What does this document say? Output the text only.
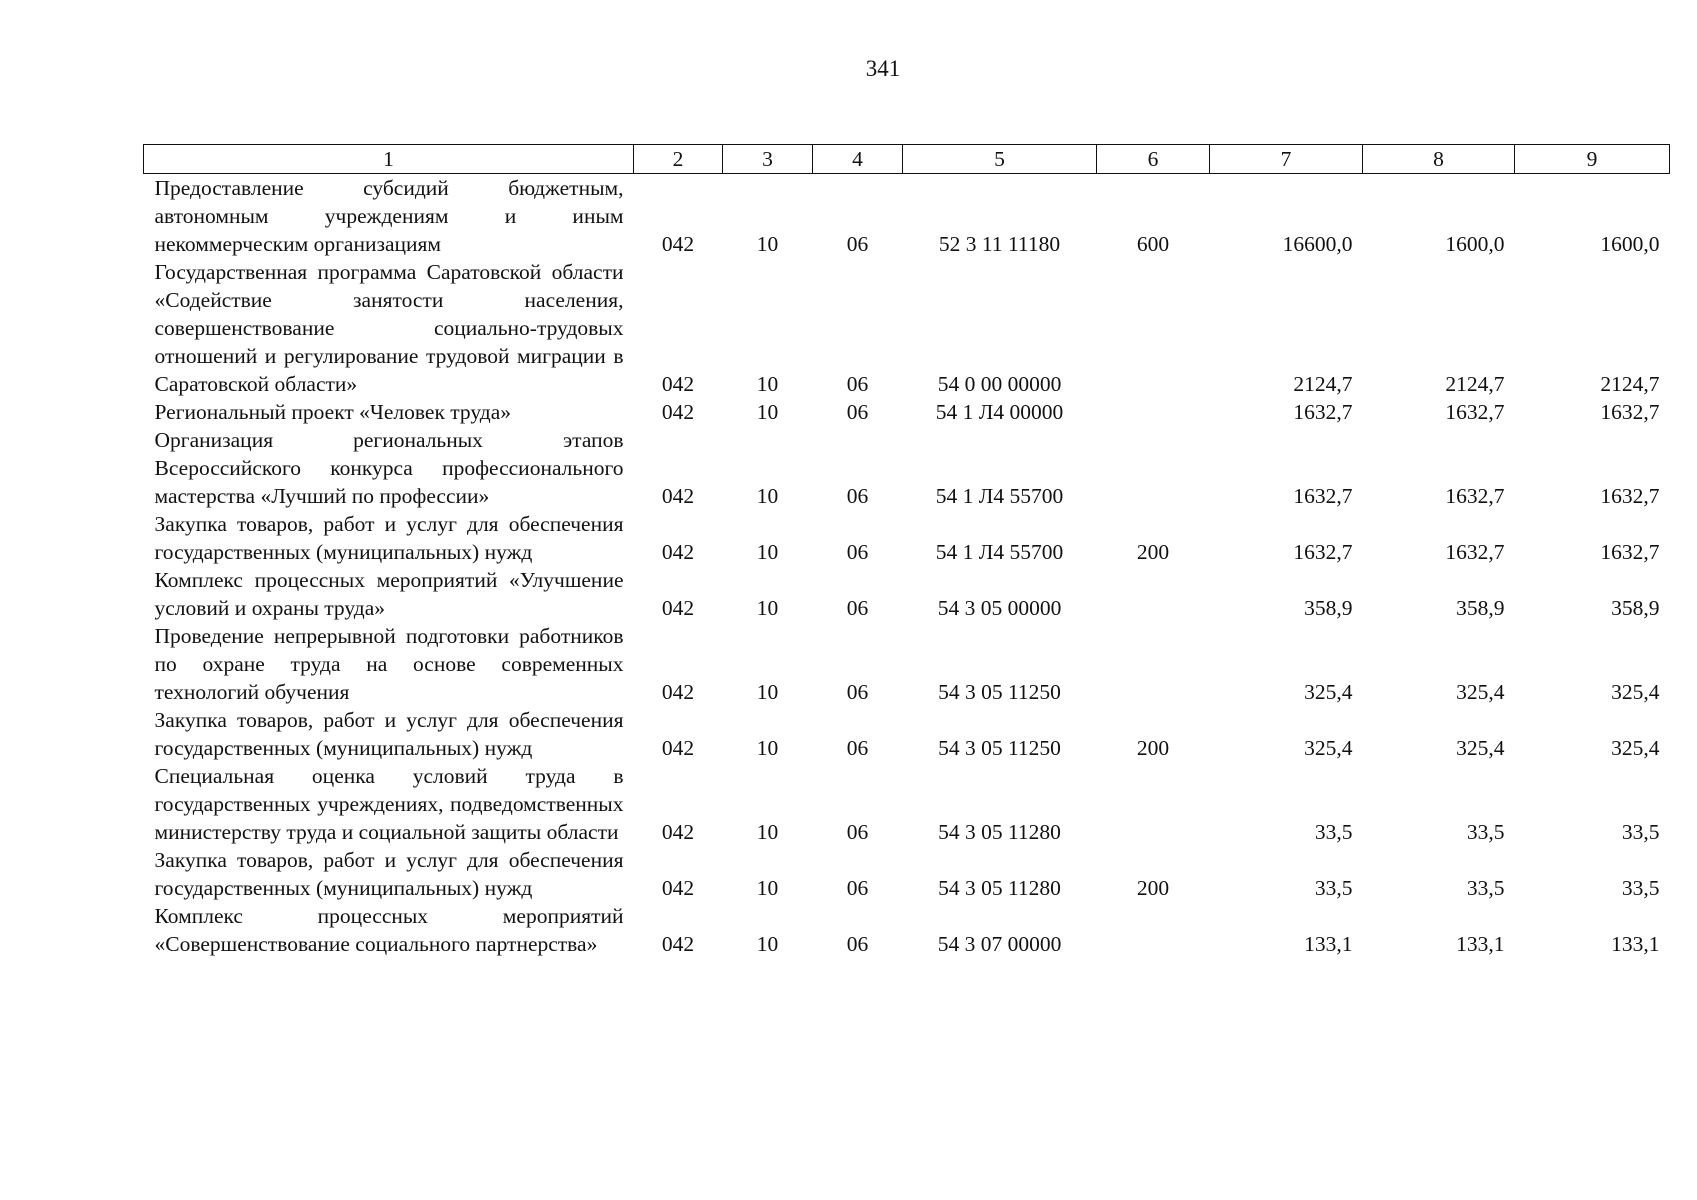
341
1	2	3	4	5	6	7	8	9
Предоставление субсидий бюджетным, автономным учреждениям и иным некоммерческим организациям	042	10	06	52 3 11 11180	600	16600,0	1600,0	1600,0
Государственная программа Саратовской области «Содействие занятости населения, совершенствование социально-трудовых отношений и регулирование трудовой миграции в Саратовской области»	042	10	06	54 0 00 00000		2124,7	2124,7	2124,7
Региональный проект «Человек труда»	042	10	06	54 1 Л4 00000		1632,7	1632,7	1632,7
Организация региональных этапов Всероссийского конкурса профессионального мастерства «Лучший по профессии»	042	10	06	54 1 Л4 55700		1632,7	1632,7	1632,7
Закупка товаров, работ и услуг для обеспечения государственных (муниципальных) нужд	042	10	06	54 1 Л4 55700	200	1632,7	1632,7	1632,7
Комплекс процессных мероприятий «Улучшение условий и охраны труда»	042	10	06	54 3 05 00000		358,9	358,9	358,9
Проведение непрерывной подготовки работников по охране труда на основе современных технологий обучения	042	10	06	54 3 05 11250		325,4	325,4	325,4
Закупка товаров, работ и услуг для обеспечения государственных (муниципальных) нужд	042	10	06	54 3 05 11250	200	325,4	325,4	325,4
Специальная оценка условий труда в государственных учреждениях, подведомственных министерству труда и социальной защиты области	042	10	06	54 3 05 11280		33,5	33,5	33,5
Закупка товаров, работ и услуг для обеспечения государственных (муниципальных) нужд	042	10	06	54 3 05 11280	200	33,5	33,5	33,5
Комплекс процессных мероприятий «Совершенствование социального партнерства»	042	10	06	54 3 07 00000		133,1	133,1	133,1
